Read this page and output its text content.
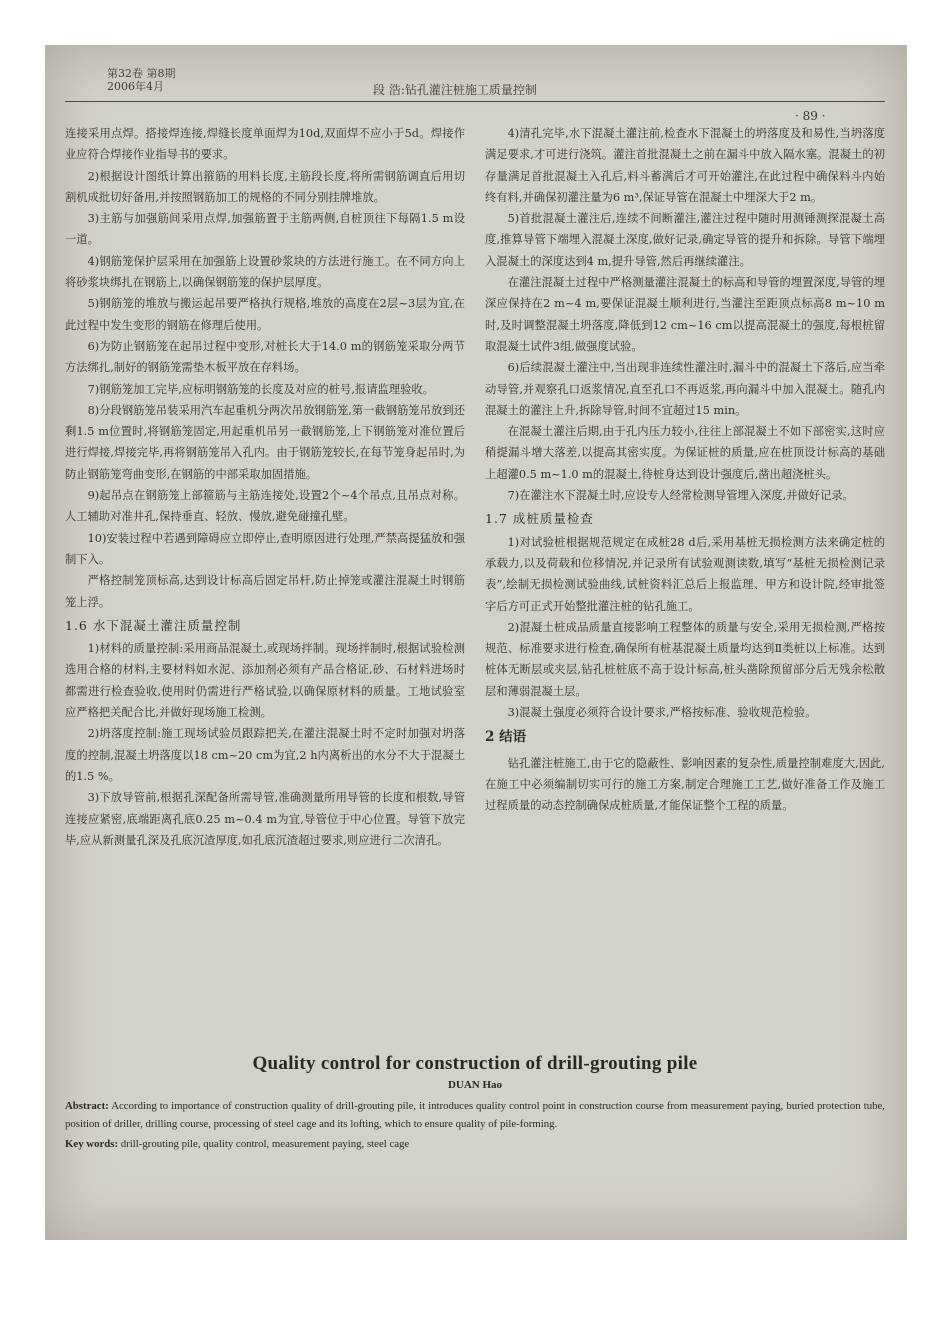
第32卷 第8期
2006年4月	段 浩:钻孔灌注桩施工质量控制
· 89 ·

连接采用点焊。搭接焊连接,焊缝长度单面焊为10d,双面焊不应小于5d。焊接作业应符合焊接作业指导书的要求。

2)根据设计图纸计算出箍筋的用料长度,主筋段长度,将所需钢筋调直后用切割机成批切好备用,并按照钢筋加工的规格的不同分别挂牌堆放。

3)主筋与加强筋间采用点焊,加强筋置于主筋两侧,自桩顶往下每隔1.5 m设一道。

4)钢筋笼保护层采用在加强筋上设置砂浆块的方法进行施工。在不同方向上将砂浆块绑扎在钢筋上,以确保钢筋笼的保护层厚度。

5)钢筋笼的堆放与搬运起吊要严格执行规格,堆放的高度在2层~3层为宜,在此过程中发生变形的钢筋在修理后使用。

6)为防止钢筋笼在起吊过程中变形,对桩长大于14.0 m的钢筋笼采取分两节方法绑扎,制好的钢筋笼需垫木板平放在存料场。

7)钢筋笼加工完毕,应标明钢筋笼的长度及对应的桩号,报请监理验收。

8)分段钢筋笼吊装采用汽车起重机分两次吊放钢筋笼,第一截钢筋笼吊放到还剩1.5 m位置时,将钢筋笼固定,用起重机吊另一截钢筋笼,上下钢筋笼对准位置后进行焊接,焊接完毕,再将钢筋笼吊入孔内。由于钢筋笼较长,在每节笼身起吊时,为防止钢筋笼弯曲变形,在钢筋的中部采取加固措施。

9)起吊点在钢筋笼上部箍筋与主筋连接处,设置2个~4个吊点,且吊点对称。人工辅助对准井孔,保持垂直、轻放、慢放,避免碰撞孔壁。

10)安装过程中若遇到障碍应立即停止,查明原因进行处理,严禁高提猛放和强制下入。

严格控制笼顶标高,达到设计标高后固定吊杆,防止掉笼或灌注混凝土时钢筋笼上浮。

1.6 水下混凝土灌注质量控制

1)材料的质量控制:采用商品混凝土,或现场拌制。现场拌制时,根据试验检测选用合格的材料,主要材料如水泥、添加剂必须有产品合格证,砂、石材料进场时都需进行检查验收,使用时仍需进行严格试验,以确保原材料的质量。工地试验室应严格把关配合比,并做好现场施工检测。

2)坍落度控制:施工现场试验员跟踪把关,在灌注混凝土时不定时加强对坍落度的控制,混凝土坍落度以18 cm~20 cm为宜,2 h内离析出的水分不大于混凝土的1.5 %。

3)下放导管前,根据孔深配备所需导管,准确测量所用导管的长度和根数,导管连接应紧密,底端距离孔底0.25 m~0.4 m为宜,导管位于中心位置。导管下放完毕,应从新测量孔深及孔底沉渣厚度,如孔底沉渣超过要求,则应进行二次清孔。

4)清孔完毕,水下混凝土灌注前,检查水下混凝土的坍落度及和易性,当坍落度满足要求,才可进行浇筑。灌注首批混凝土之前在漏斗中放入隔水塞。混凝土的初存量满足首批混凝土入孔后,料斗蓄满后才可开始灌注,在此过程中确保料斗内始终有料,并确保初灌注量为6 m³,保证导管在混凝土中埋深大于2 m。

5)首批混凝土灌注后,连续不间断灌注,灌注过程中随时用测锤测探混凝土高度,推算导管下端埋入混凝土深度,做好记录,确定导管的提升和拆除。导管下端埋入混凝土的深度达到4 m,提升导管,然后再继续灌注。

在灌注混凝土过程中严格测量灌注混凝土的标高和导管的埋置深度,导管的埋深应保持在2 m~4 m,要保证混凝土顺利进行,当灌注至距顶点标高8 m~10 m时,及时调整混凝土坍落度,降低到12 cm~16 cm以提高混凝土的强度,每根桩留取混凝土试件3组,做强度试验。

6)后续混凝土灌注中,当出现非连续性灌注时,漏斗中的混凝土下落后,应当牵动导管,并观察孔口返浆情况,直至孔口不再返浆,再向漏斗中加入混凝土。随孔内混凝土的灌注上升,拆除导管,时间不宜超过15 min。

在混凝土灌注后期,由于孔内压力较小,往往上部混凝土不如下部密实,这时应稍提漏斗增大落差,以提高其密实度。为保证桩的质量,应在桩顶设计标高的基础上超灌0.5 m~1.0 m的混凝土,待桩身达到设计强度后,凿出超浇桩头。

7)在灌注水下混凝土时,应设专人经常检测导管埋入深度,并做好记录。

1.7 成桩质量检查

1)对试验桩根据规范规定在成桩28 d后,采用基桩无损检测方法来确定桩的承载力,以及荷载和位移情况,并记录所有试验观测读数,填写“基桩无损检测记录表”,绘制无损检测试验曲线,试桩资料汇总后上报监理、甲方和设计院,经审批签字后方可正式开始整批灌注桩的钻孔施工。

2)混凝土桩成品质量直接影响工程整体的质量与安全,采用无损检测,严格按规范、标准要求进行检查,确保所有桩基混凝土质量均达到Ⅱ类桩以上标准。达到桩体无断层或夹层,钻孔桩桩底不高于设计标高,桩头凿除预留部分后无残余松散层和薄弱混凝土层。

3)混凝土强度必须符合设计要求,严格按标准、验收规范检验。

2 结语

钻孔灌注桩施工,由于它的隐蔽性、影响因素的复杂性,质量控制难度大,因此,在施工中必须编制切实可行的施工方案,制定合理施工工艺,做好准备工作及施工过程质量的动态控制确保成桩质量,才能保证整个工程的质量。

Quality control for construction of drill-grouting pile
DUAN Hao
Abstract: According to importance of construction quality of drill-grouting pile, it introduces quality control point in construction course from measurement paying, buried protection tube, position of driller, drilling course, processing of steel cage and its lofting, which to ensure quality of pile-forming.
Key words: drill-grouting pile, quality control, measurement paying, steel cage
